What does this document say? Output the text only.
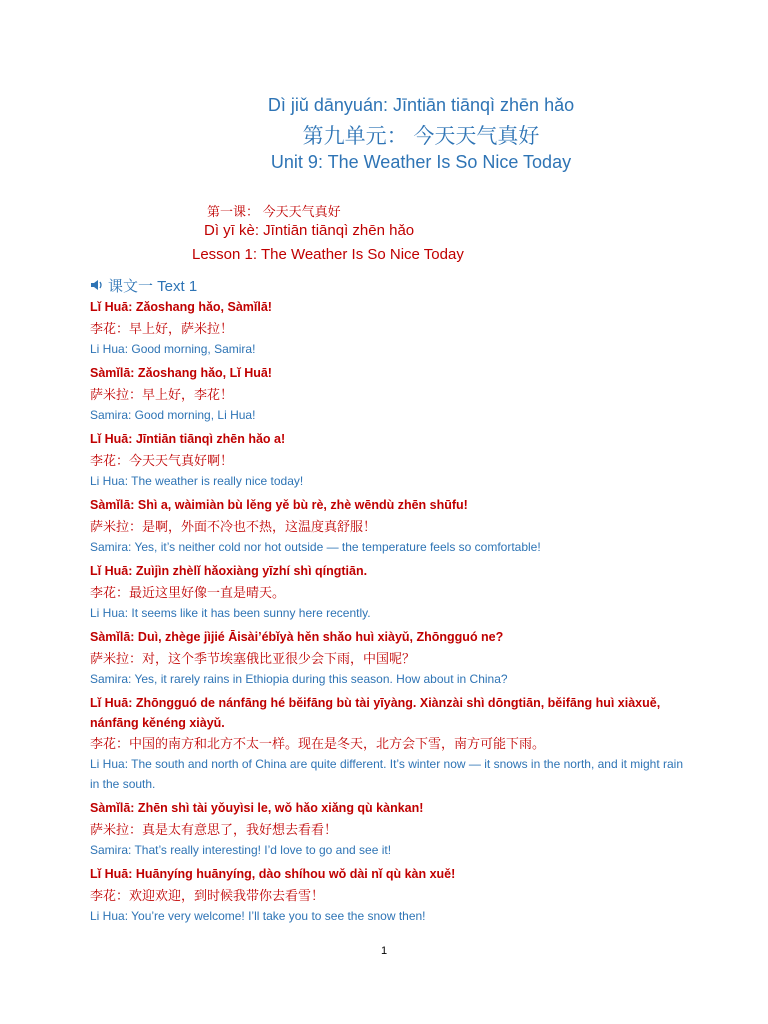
Dì jiǔ dānyuán: Jīntiān tiānqì zhēn hǎo
第九单元： 今天天气真好
Unit 9: The Weather Is So Nice Today
第一课： 今天天气真好
Dì yī kè: Jīntiān tiānqì zhēn hǎo
Lesson 1: The Weather Is So Nice Today
课文一 Text 1
Lǐ Huā: Zǎoshang hǎo, Sàmǐlā!
李花：早上好，萨米拉！
Li Hua: Good morning, Samira!
Sàmǐlā: Zǎoshang hǎo, Lǐ Huā!
萨米拉：早上好，李花！
Samira: Good morning, Li Hua!
Lǐ Huā: Jīntiān tiānqì zhēn hǎo a!
李花：今天天气真好啊！
Li Hua: The weather is really nice today!
Sàmǐlā: Shì a, wàimiàn bù lěng yě bù rè, zhè wēndù zhēn shūfu!
萨米拉：是啊，外面不冷也不热，这温度真舒服！
Samira: Yes, it’s neither cold nor hot outside — the temperature feels so comfortable!
Lǐ Huā: Zuìjìn zhèlǐ hǎoxiàng yīzhí shì qíngtiān.
李花：最近这里好像一直是晴天。
Li Hua: It seems like it has been sunny here recently.
Sàmǐlā: Duì, zhège jìjié Āisài’ébǐyà hěn shǎo huì xiàyǔ, Zhōngguó ne?
萨米拉：对，这个季节埃塞俄比亚很少会下雨，中国呢？
Samira: Yes, it rarely rains in Ethiopia during this season. How about in China?
Lǐ Huā: Zhōngguó de nánfāng hé běifāng bù tài yīyàng. Xiànzài shì dōngtiān, běifāng huì xiàxuě, nánfāng kěnéng xiàyǔ.
李花：中国的南方和北方不太一样。现在是冬天，北方会下雪，南方可能下雨。
Li Hua: The south and north of China are quite different. It’s winter now — it snows in the north, and it might rain in the south.
Sàmǐlā: Zhēn shì tài yǒuyìsi le, wǒ hǎo xiǎng qù kànkan!
萨米拉：真是太有意思了，我好想去看看！
Samira: That’s really interesting! I’d love to go and see it!
Lǐ Huā: Huānyíng huānyíng, dào shíhou wǒ dài nǐ qù kàn xuě!
李花：欢迎欢迎，到时候我带你去看雪！
Li Hua: You’re very welcome! I’ll take you to see the snow then!
1
